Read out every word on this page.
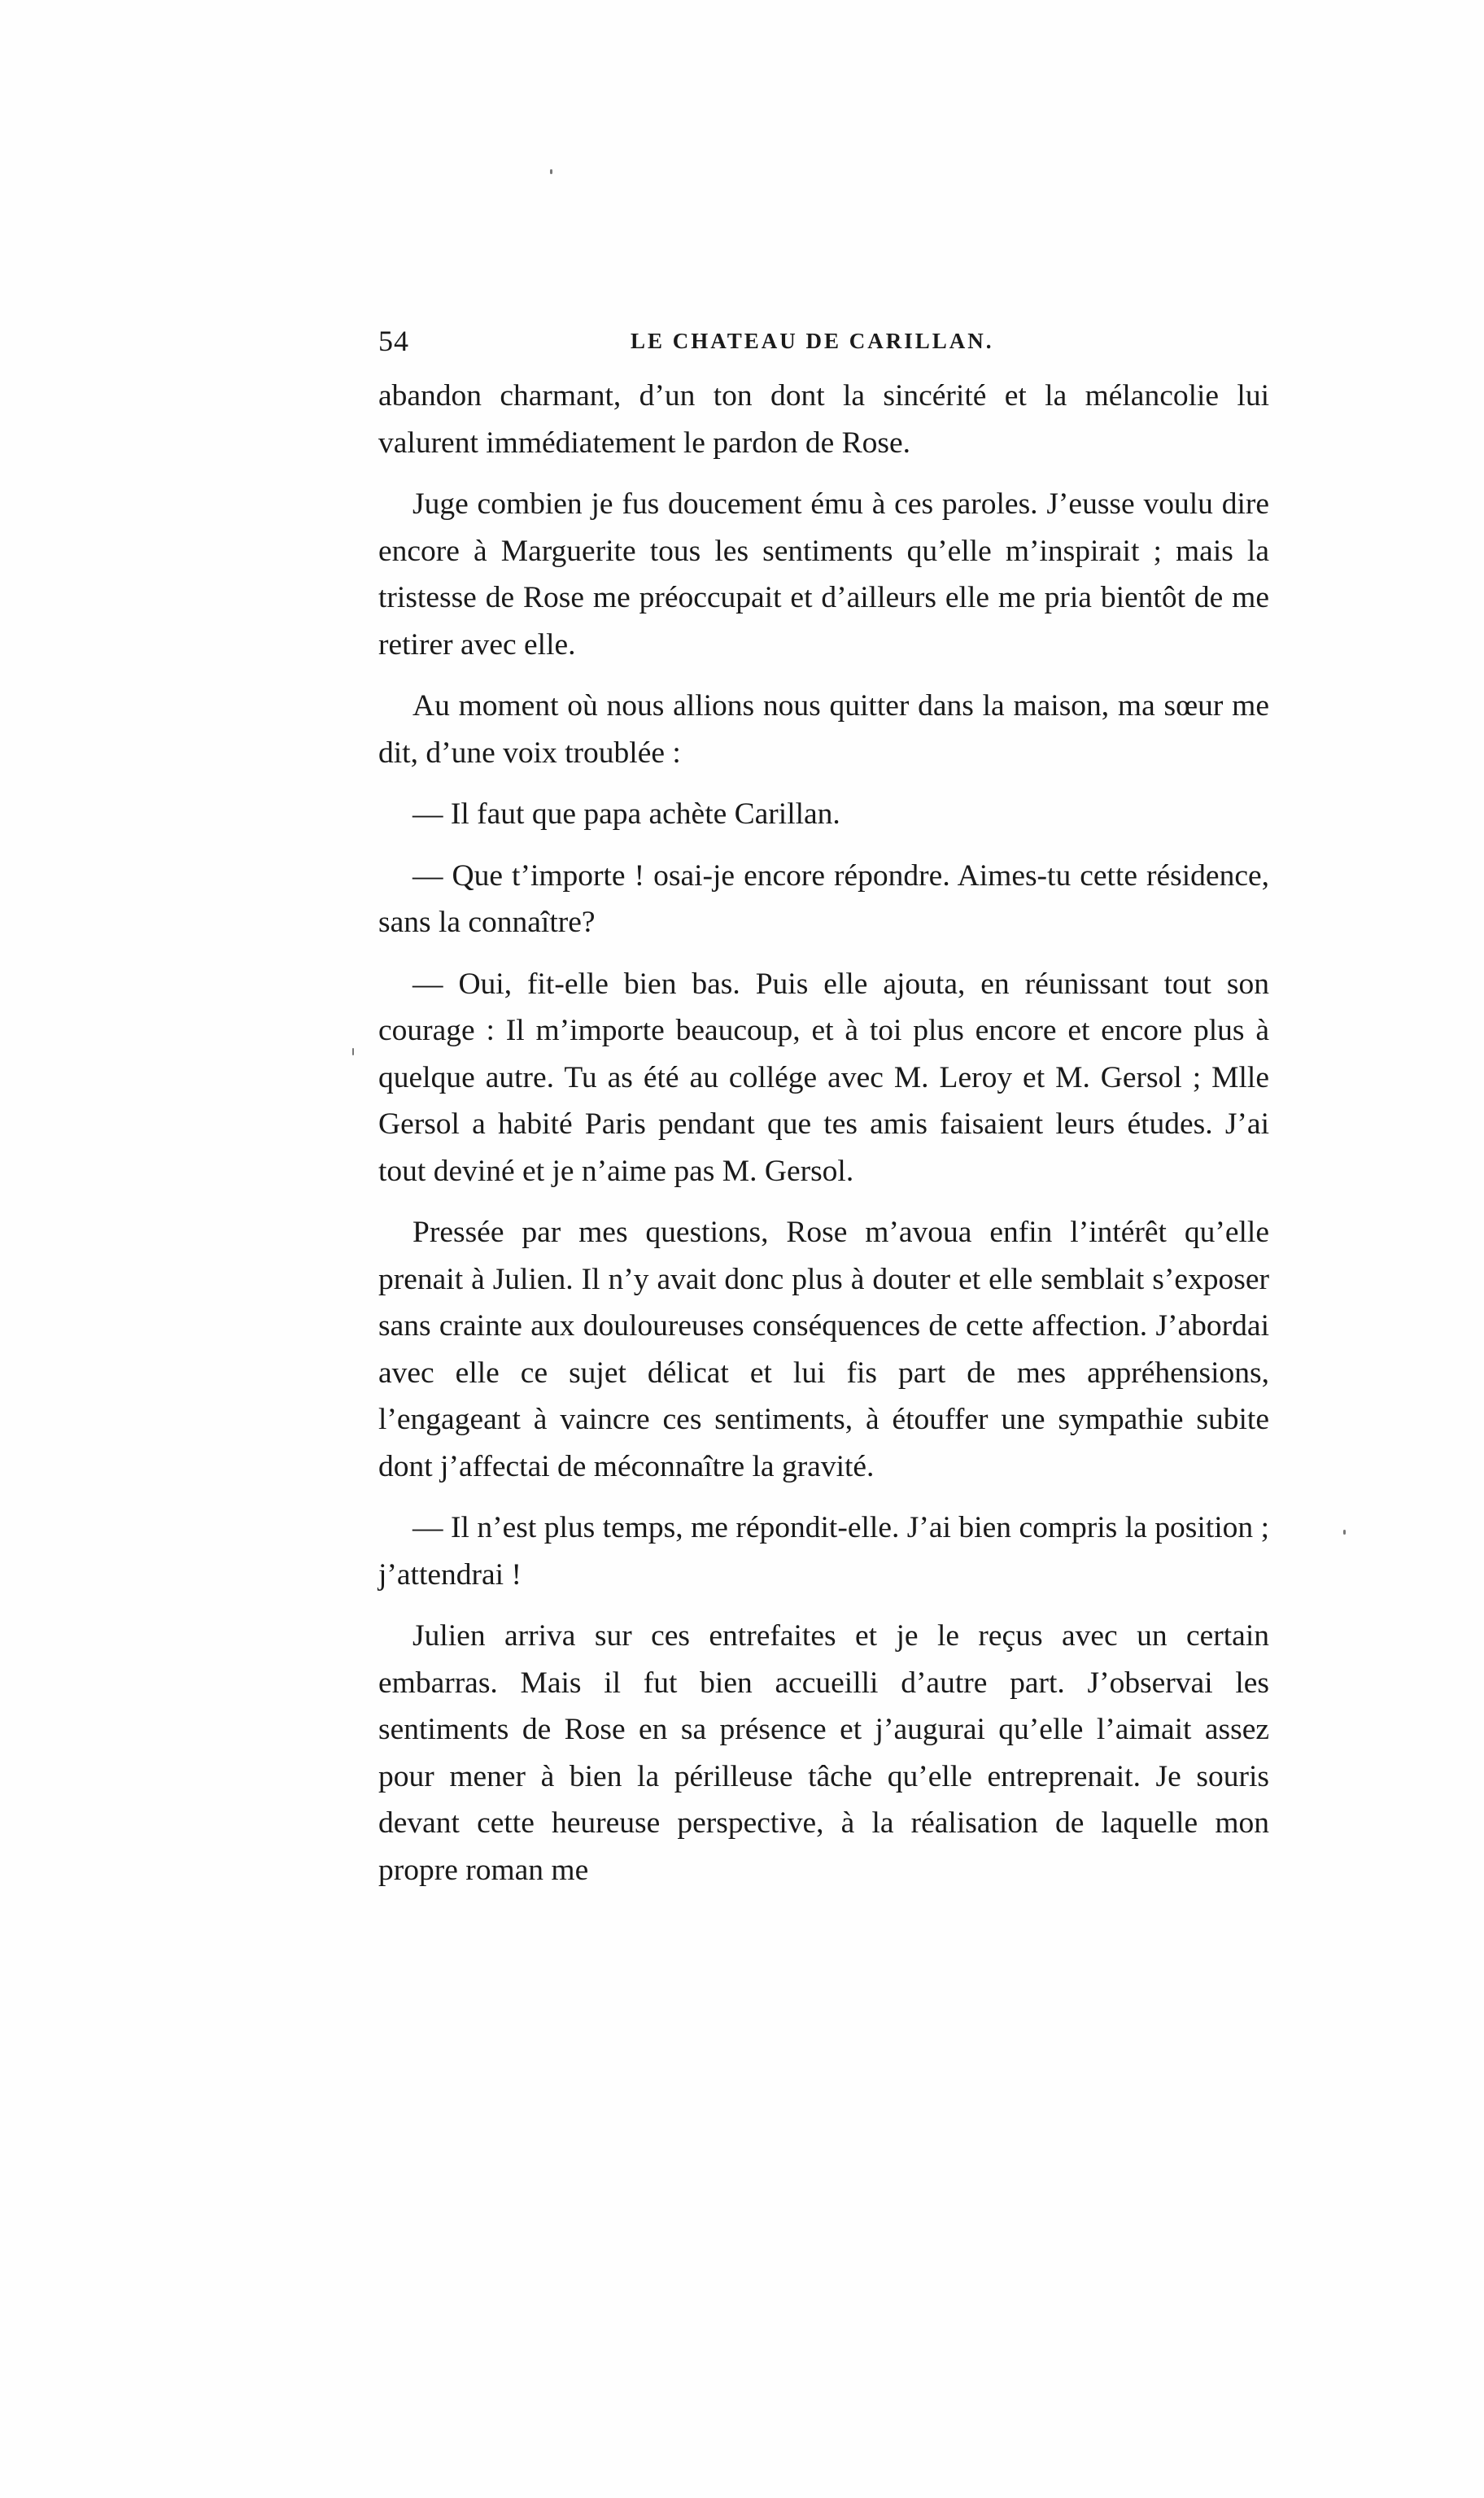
54	LE CHATEAU DE CARILLAN.

abandon charmant, d’un ton dont la sincérité et la mélancolie lui valurent immédiatement le pardon de Rose.

Juge combien je fus doucement ému à ces paroles. J’eusse voulu dire encore à Marguerite tous les sentiments qu’elle m’inspirait ; mais la tristesse de Rose me préoccupait et d’ailleurs elle me pria bientôt de me retirer avec elle.

Au moment où nous allions nous quitter dans la maison, ma sœur me dit, d’une voix troublée :

— Il faut que papa achète Carillan.

— Que t’importe ! osai-je encore répondre. Aimes-tu cette résidence, sans la connaître?

— Oui, fit-elle bien bas. Puis elle ajouta, en réunissant tout son courage : Il m’importe beaucoup, et à toi plus encore et encore plus à quelque autre. Tu as été au collége avec M. Leroy et M. Gersol ; Mlle Gersol a habité Paris pendant que tes amis faisaient leurs études. J’ai tout deviné et je n’aime pas M. Gersol.

Pressée par mes questions, Rose m’avoua enfin l’intérêt qu’elle prenait à Julien. Il n’y avait donc plus à douter et elle semblait s’exposer sans crainte aux douloureuses conséquences de cette affection. J’abordai avec elle ce sujet délicat et lui fis part de mes appréhensions, l’engageant à vaincre ces sentiments, à étouffer une sympathie subite dont j’affectai de méconnaître la gravité.

— Il n’est plus temps, me répondit-elle. J’ai bien compris la position ; j’attendrai !

Julien arriva sur ces entrefaites et je le reçus avec un certain embarras. Mais il fut bien accueilli d’autre part. J’observai les sentiments de Rose en sa présence et j’augurai qu’elle l’aimait assez pour mener à bien la périlleuse tâche qu’elle entreprenait. Je souris devant cette heureuse perspective, à la réalisation de laquelle mon propre roman me
